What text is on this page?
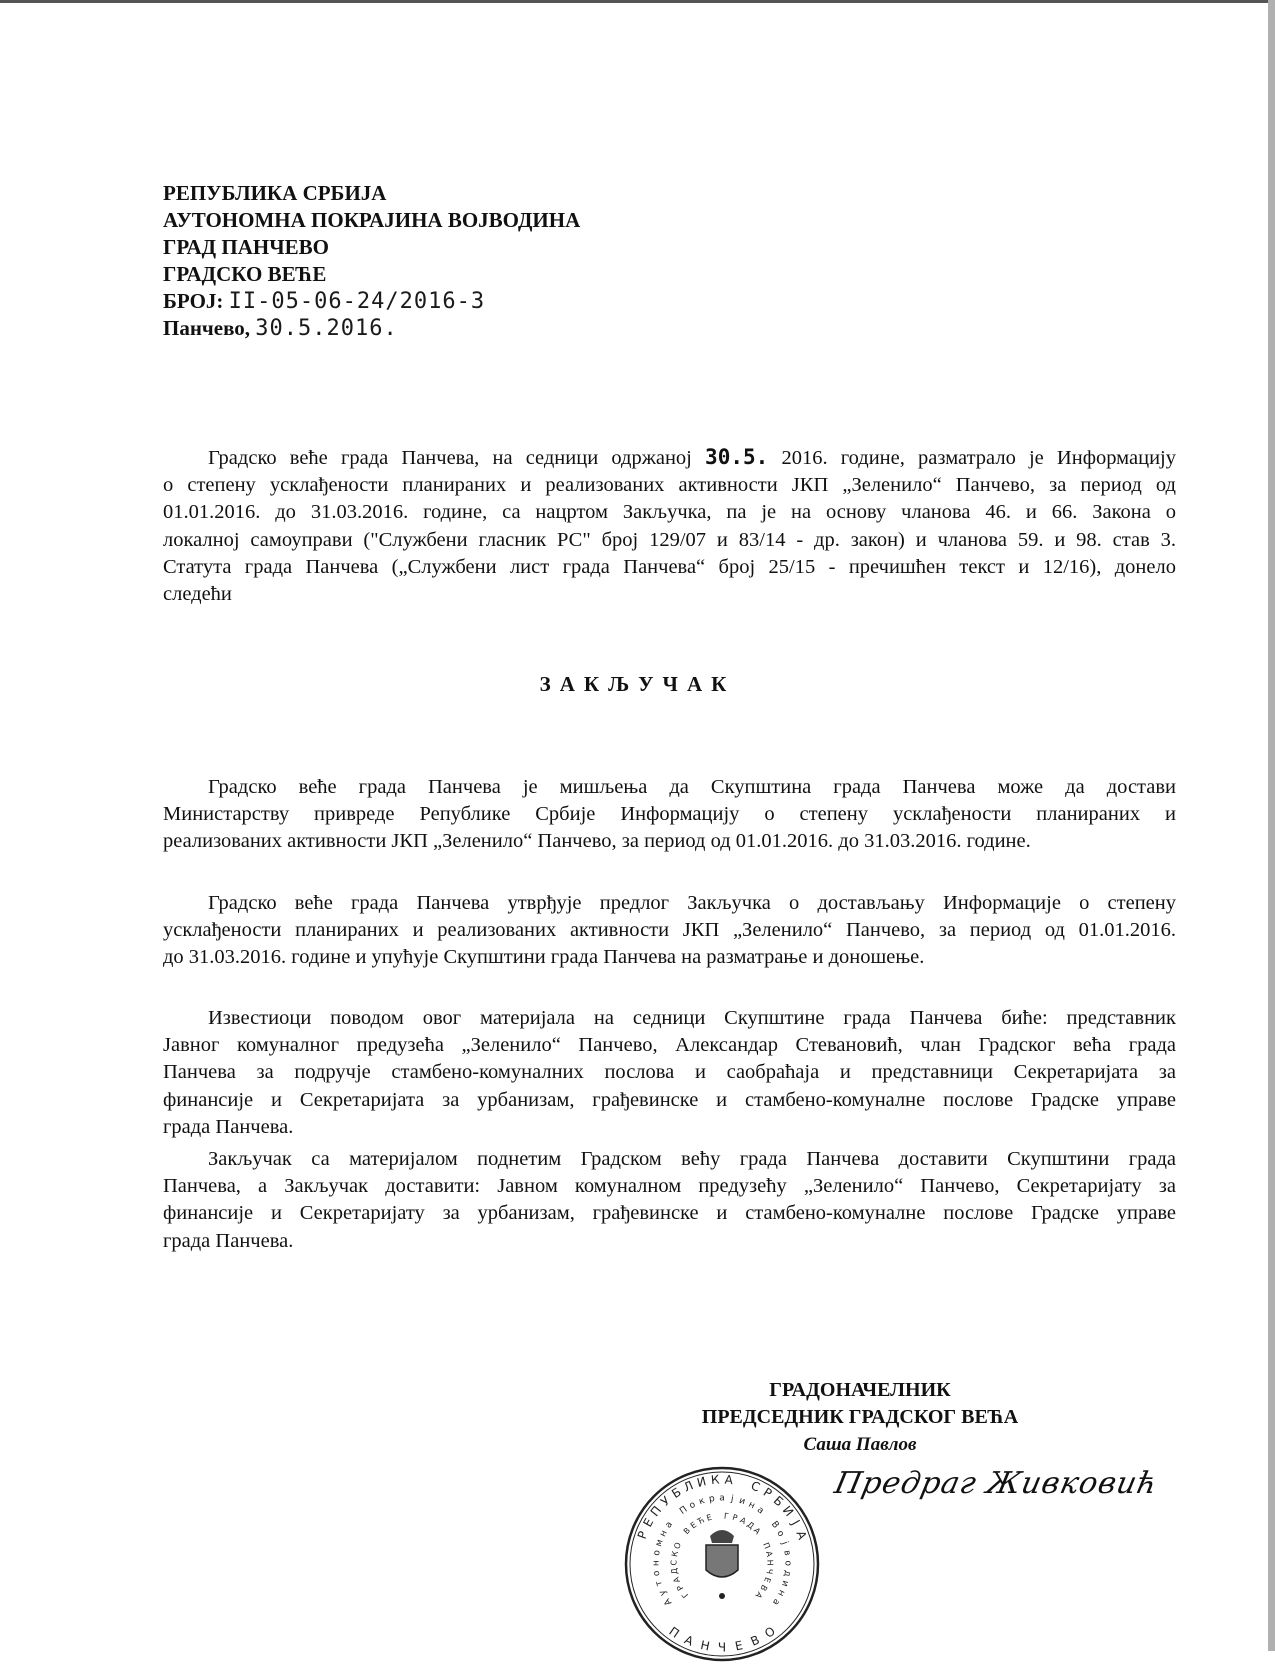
РЕПУБЛИКА СРБИЈА
АУТОНОМНА ПОКРАЈИНА ВОЈВОДИНА
ГРАД ПАНЧЕВО
ГРАДСКО ВЕЋЕ
БРОЈ: II-05-06-24/2016-3
Панчево, 30.5.2016.
Градско веће града Панчева, на седници одржаној 30.5. 2016. године, разматрало је Информацију
о степену усклађености планираних и реализованих активности ЈКП „Зеленило“ Панчево, за период од
01.01.2016. до 31.03.2016. године, са нацртом Закључка, па је на основу чланова 46. и 66. Закона о
локалној самоуправи ("Службени гласник РС" број 129/07 и 83/14 - др. закон) и чланова 59. и 98. став 3.
Статута града Панчева („Службени лист града Панчева“ број 25/15 - пречишћен текст и 12/16), донело
следећи
ЗАКЉУЧАК
Градско веће града Панчева је мишљења да Скупштина града Панчева може да достави
Министарству привреде Републике Србије Информацију о степену усклађености планираних и
реализованих активности ЈКП „Зеленило“ Панчево, за период од 01.01.2016. до 31.03.2016. године.
Градско веће града Панчева утврђује предлог Закључка о достављању Информације о степену
усклађености планираних и реализованих активности ЈКП „Зеленило“ Панчево, за период од 01.01.2016.
до 31.03.2016. године и упућује Скупштини града Панчева на разматрање и доношење.
Известиоци поводом овог материјала на седници Скупштине града Панчева биће: представник
Јавног комуналног предузећа „Зеленило“ Панчево, Александар Стевановић, члан Градског већа града
Панчева за подручје стамбено-комуналних послова и саобраћаја и представници Секретаријата за
финансије и Секретаријата за урбанизам, грађевинске и стамбено-комуналне послове Градске управе
града Панчева.
Закључак са материјалом поднетим Градском већу града Панчева доставити Скупштини града
Панчева, а Закључак доставити: Јавном комуналном предузећу „Зеленило“ Панчево, Секретаријату за
финансије и Секретаријату за урбанизам, грађевинске и стамбено-комуналне послове Градске управе
града Панчева.
ГРАДОНАЧЕЛНИК
ПРЕДСЕДНИК ГРАДСКОГ ВЕЋА
Саша Павлов
Предраг Живковић
Р
Е
П
У
Б
Л И К А С
Р
Б
И
Ј
А
А
у
т
о
н
о
м
н
а
П
о к р а ј и н
а
В
о
ј
в
о
д
и
н
а
Г
Р
А
Д
С
К
О
В
Е
Ћ Е Г Р А
Д
А
П
А
Н
Ч
Е
В
А
П А Н Ч Е В О
